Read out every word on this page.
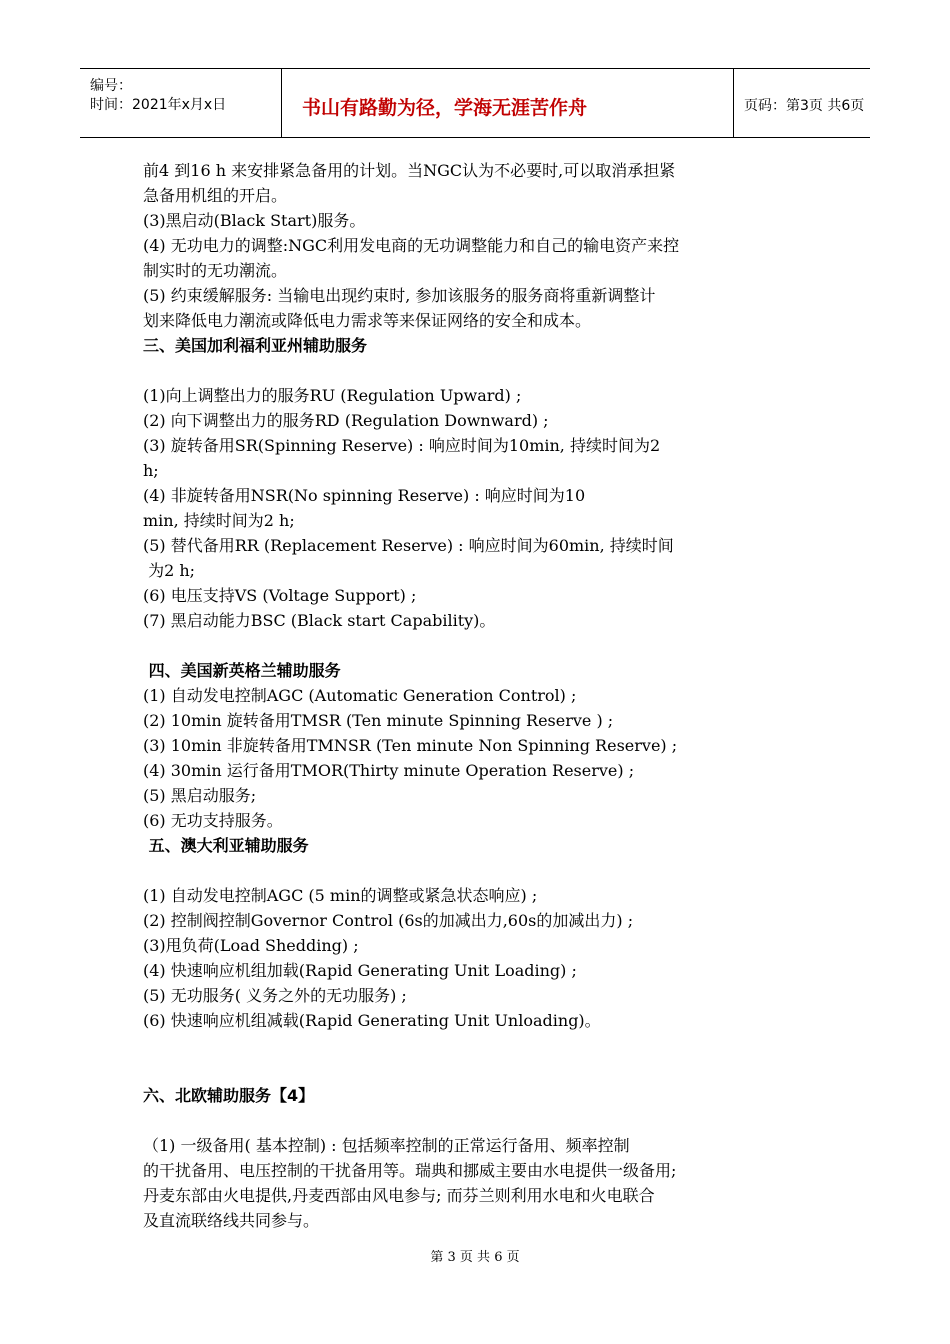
编号：
时间：2021年x月x日	书山有路勤为径，学海无涯苦作舟	页码：第3页 共6页
前4 到16 h 来安排紧急备用的计划。当NGC认为不必要时,可以取消承担紧
急备用机组的开启。
(3)黑启动(Black Start)服务。
(4) 无功电力的调整:NGC利用发电商的无功调整能力和自己的输电资产来控
制实时的无功潮流。
(5) 约束缓解服务: 当输电出现约束时, 参加该服务的服务商将重新调整计
划来降低电力潮流或降低电力需求等来保证网络的安全和成本。
三、美国加利福利亚州辅助服务
(1)向上调整出力的服务RU (Regulation Upward) ;
(2) 向下调整出力的服务RD (Regulation Downward) ;
(3) 旋转备用SR(Spinning Reserve) : 响应时间为10min, 持续时间为2
h;
(4) 非旋转备用NSR(No spinning Reserve) : 响应时间为10
min, 持续时间为2 h;
(5) 替代备用RR (Replacement Reserve) : 响应时间为60min, 持续时间
为2 h;
(6) 电压支持VS (Voltage Support) ;
(7) 黑启动能力BSC (Black start Capability)。
四、美国新英格兰辅助服务
(1) 自动发电控制AGC (Automatic Generation Control) ;
(2) 10min 旋转备用TMSR (Ten minute Spinning Reserve ) ;
(3) 10min 非旋转备用TMNSR (Ten minute Non Spinning Reserve) ;
(4) 30min 运行备用TMOR(Thirty minute Operation Reserve) ;
(5) 黑启动服务;
(6) 无功支持服务。
五、澳大利亚辅助服务
(1) 自动发电控制AGC (5 min的调整或紧急状态响应) ;
(2) 控制阀控制Governor Control (6s的加减出力,60s的加减出力) ;
(3)甩负荷(Load Shedding) ;
(4) 快速响应机组加载(Rapid Generating Unit Loading) ;
(5) 无功服务( 义务之外的无功服务) ;
(6) 快速响应机组减载(Rapid Generating Unit Unloading)。
六、北欧辅助服务【4】
（1) 一级备用( 基本控制) : 包括频率控制的正常运行备用、频率控制
的干扰备用、电压控制的干扰备用等。瑞典和挪威主要由水电提供一级备用;
丹麦东部由火电提供,丹麦西部由风电参与; 而芬兰则利用水电和火电联合
及直流联络线共同参与。
第 3 页 共 6 页
